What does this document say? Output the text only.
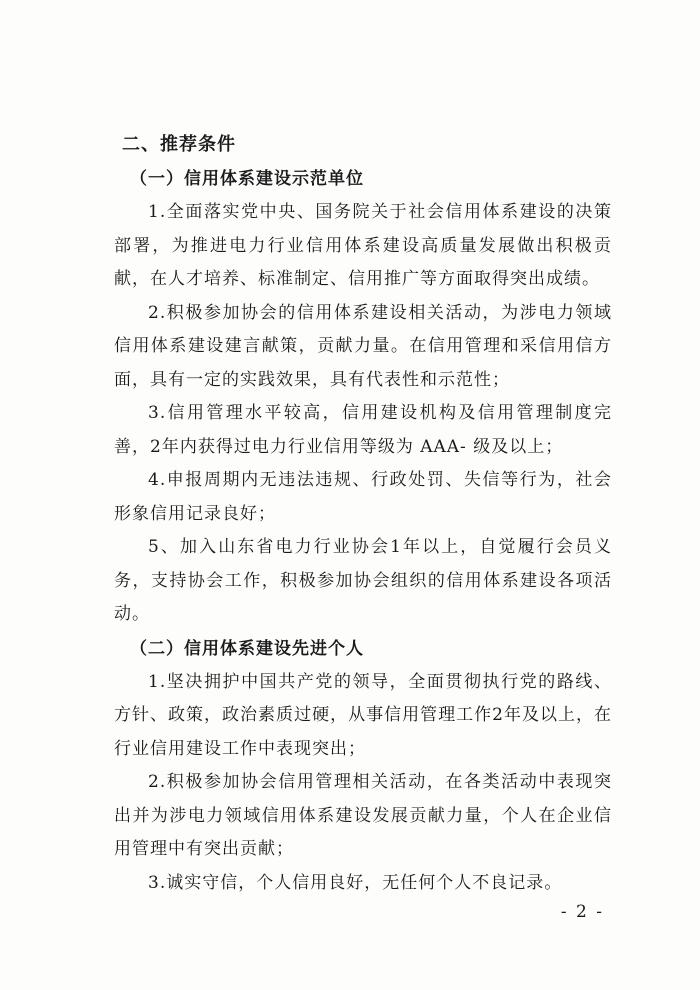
二、推荐条件
（一）信用体系建设示范单位

1.全面落实党中央、国务院关于社会信用体系建设的决策部署，为推进电力行业信用体系建设高质量发展做出积极贡献，在人才培养、标准制定、信用推广等方面取得突出成绩。

2.积极参加协会的信用体系建设相关活动，为涉电力领域信用体系建设建言献策，贡献力量。在信用管理和采信用信方面，具有一定的实践效果，具有代表性和示范性；

3.信用管理水平较高，信用建设机构及信用管理制度完善，2年内获得过电力行业信用等级为 AAA- 级及以上；

4.申报周期内无违法违规、行政处罚、失信等行为，社会形象信用记录良好；

5、加入山东省电力行业协会1年以上，自觉履行会员义务，支持协会工作，积极参加协会组织的信用体系建设各项活动。

（二）信用体系建设先进个人

1.坚决拥护中国共产党的领导，全面贯彻执行党的路线、方针、政策，政治素质过硬，从事信用管理工作2年及以上，在行业信用建设工作中表现突出；

2.积极参加协会信用管理相关活动，在各类活动中表现突出并为涉电力领域信用体系建设发展贡献力量，个人在企业信用管理中有突出贡献；

3.诚实守信，个人信用良好，无任何个人不良记录。

- 2 -
